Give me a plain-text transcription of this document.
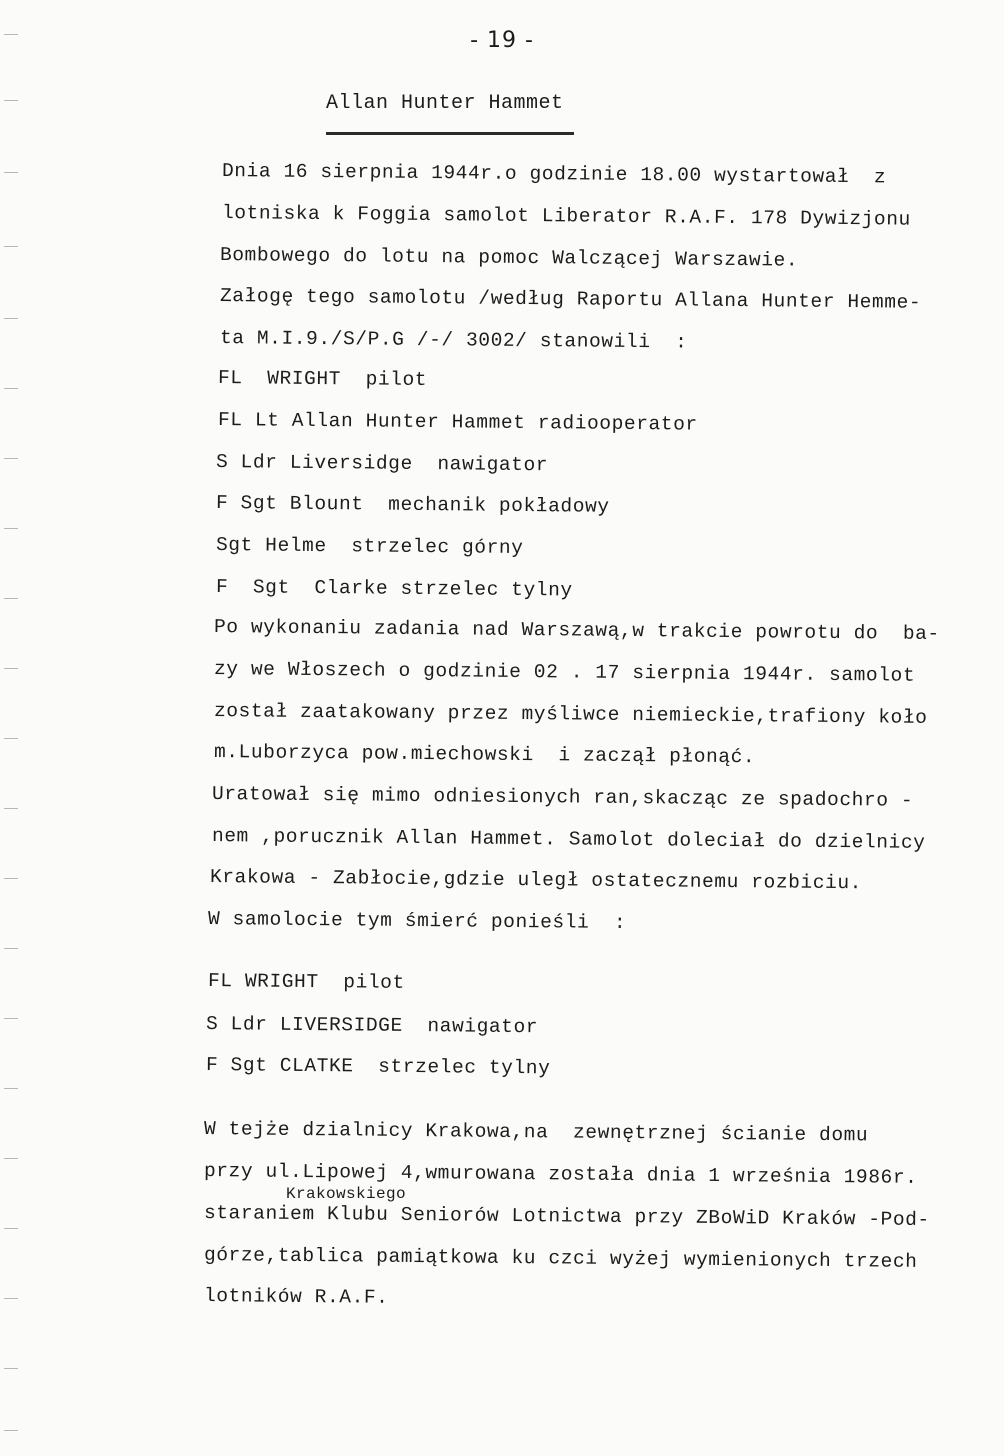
- 19 -
Allan Hunter Hammet
Dnia 16 sierpnia 1944r.o godzinie 18.00 wystartował  z
lotniska k Foggia samolot Liberator R.A.F. 178 Dywizjonu
Bombowego do lotu na pomoc Walczącej Warszawie.
Załogę tego samolotu /według Raportu Allana Hunter Hemme-
ta M.I.9./S/P.G /-/ 3002/ stanowili  :
FL  WRIGHT  pilot
FL Lt Allan Hunter Hammet radiooperator
S Ldr Liversidge  nawigator
F Sgt Blount  mechanik pokładowy
Sgt Helme  strzelec górny
F  Sgt  Clarke strzelec tylny
Po wykonaniu zadania nad Warszawą,w trakcie powrotu do  ba-
zy we Włoszech o godzinie 02 . 17 sierpnia 1944r. samolot
został zaatakowany przez myśliwce niemieckie,trafiony koło
m.Luborzyca pow.miechowski  i zaczął płonąć.
Uratował się mimo odniesionych ran,skacząc ze spadochro -
nem ,porucznik Allan Hammet. Samolot doleciał do dzielnicy
Krakowa - Zabłocie,gdzie uległ ostatecznemu rozbiciu.
W samolocie tym śmierć ponieśli  :
FL WRIGHT  pilot
S Ldr LIVERSIDGE  nawigator
F Sgt CLATKE  strzelec tylny
W tejże dzialnicy Krakowa,na  zewnętrznej ścianie domu
przy ul.Lipowej 4,wmurowana została dnia 1 września 1986r.
Krakowskiego
staraniem Klubu Seniorów Lotnictwa przy ZBoWiD Kraków -Pod-
górze,tablica pamiątkowa ku czci wyżej wymienionych trzech
lotników R.A.F.
